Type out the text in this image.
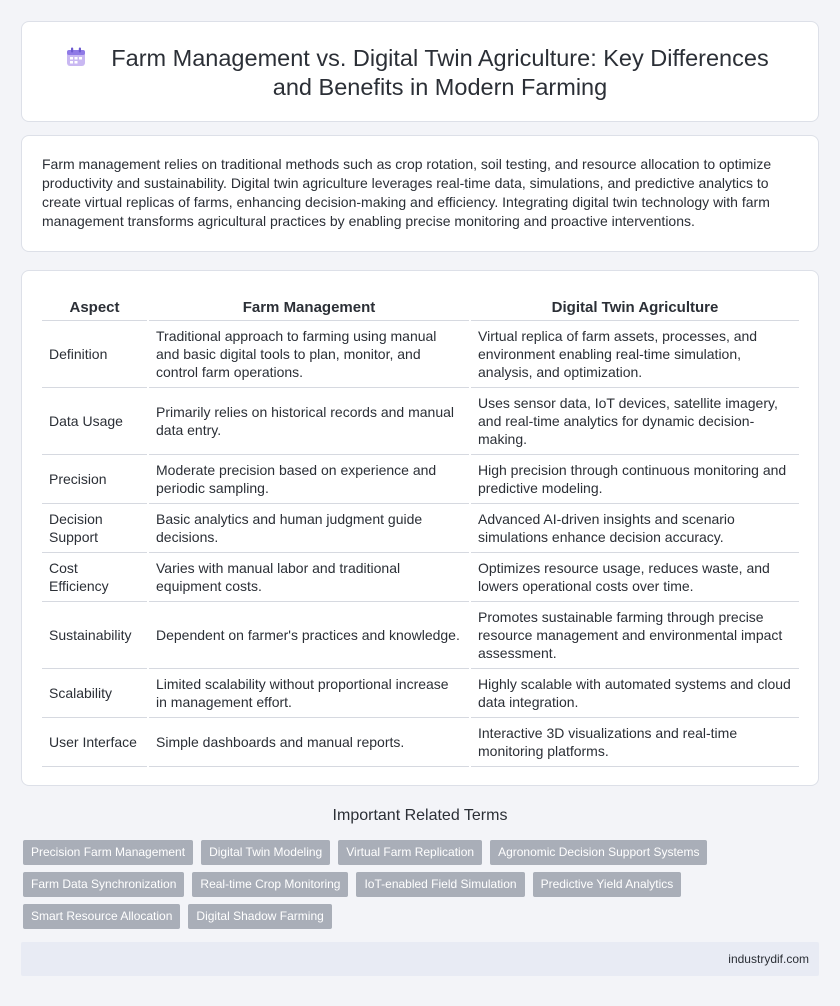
Farm Management vs. Digital Twin Agriculture: Key Differences and Benefits in Modern Farming

Farm management relies on traditional methods such as crop rotation, soil testing, and resource allocation to optimize productivity and sustainability. Digital twin agriculture leverages real-time data, simulations, and predictive analytics to create virtual replicas of farms, enhancing decision-making and efficiency. Integrating digital twin technology with farm management transforms agricultural practices by enabling precise monitoring and proactive interventions.

Aspect	Farm Management	Digital Twin Agriculture
Definition	Traditional approach to farming using manual and basic digital tools to plan, monitor, and control farm operations.	Virtual replica of farm assets, processes, and environment enabling real-time simulation, analysis, and optimization.
Data Usage	Primarily relies on historical records and manual data entry.	Uses sensor data, IoT devices, satellite imagery, and real-time analytics for dynamic decision-making.
Precision	Moderate precision based on experience and periodic sampling.	High precision through continuous monitoring and predictive modeling.
Decision Support	Basic analytics and human judgment guide decisions.	Advanced AI-driven insights and scenario simulations enhance decision accuracy.
Cost Efficiency	Varies with manual labor and traditional equipment costs.	Optimizes resource usage, reduces waste, and lowers operational costs over time.
Sustainability	Dependent on farmer's practices and knowledge.	Promotes sustainable farming through precise resource management and environmental impact assessment.
Scalability	Limited scalability without proportional increase in management effort.	Highly scalable with automated systems and cloud data integration.
User Interface	Simple dashboards and manual reports.	Interactive 3D visualizations and real-time monitoring platforms.
Important Related Terms
Precision Farm Management	Digital Twin Modeling	Virtual Farm Replication	Agronomic Decision Support Systems
Farm Data Synchronization	Real-time Crop Monitoring	IoT-enabled Field Simulation	Predictive Yield Analytics
Smart Resource Allocation	Digital Shadow Farming
industrydif.com
